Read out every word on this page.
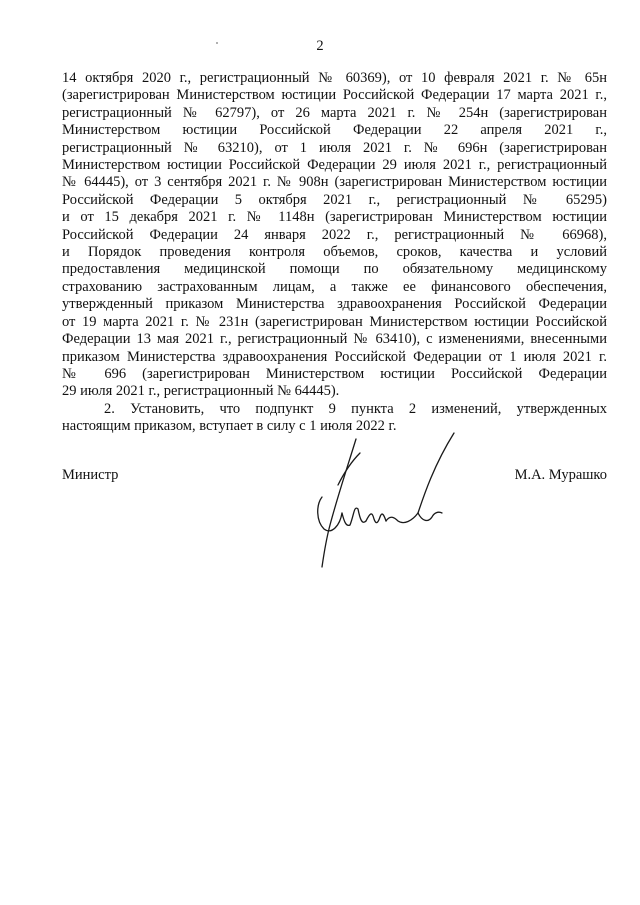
2
14 октября 2020 г., регистрационный № 60369), от 10 февраля 2021 г. № 65н
(зарегистрирован Министерством юстиции Российской Федерации 17 марта 2021 г.,
регистрационный № 62797), от 26 марта 2021 г. № 254н (зарегистрирован
Министерством юстиции Российской Федерации 22 апреля 2021 г.,
регистрационный № 63210), от 1 июля 2021 г. № 696н (зарегистрирован
Министерством юстиции Российской Федерации 29 июля 2021 г., регистрационный
№ 64445), от 3 сентября 2021 г. № 908н (зарегистрирован Министерством юстиции
Российской Федерации 5 октября 2021 г., регистрационный № 65295)
и от 15 декабря 2021 г. № 1148н (зарегистрирован Министерством юстиции
Российской Федерации 24 января 2022 г., регистрационный № 66968),
и Порядок проведения контроля объемов, сроков, качества и условий
предоставления медицинской помощи по обязательному медицинскому
страхованию застрахованным лицам, а также ее финансового обеспечения,
утвержденный приказом Министерства здравоохранения Российской Федерации
от 19 марта 2021 г. № 231н (зарегистрирован Министерством юстиции Российской
Федерации 13 мая 2021 г., регистрационный № 63410), с изменениями, внесенными
приказом Министерства здравоохранения Российской Федерации от 1 июля 2021 г.
№ 696 (зарегистрирован Министерством юстиции Российской Федерации
29 июля 2021 г., регистрационный № 64445).
2. Установить, что подпункт 9 пункта 2 изменений, утвержденных
настоящим приказом, вступает в силу с 1 июля 2022 г.
Министр	М.А. Мурашко
